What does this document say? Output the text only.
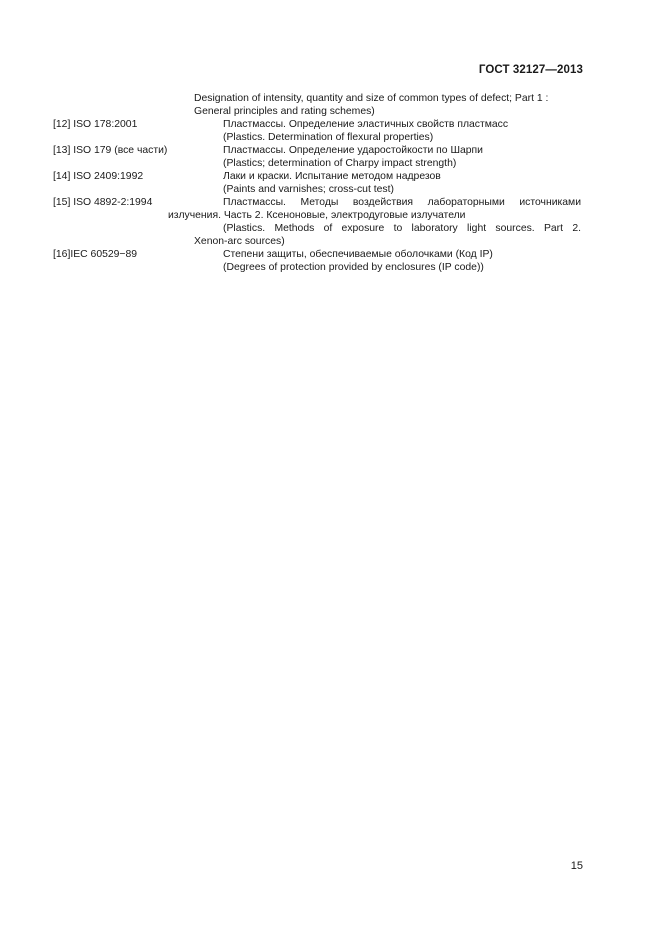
ГОСТ 32127—2013
Designation of intensity, quantity and size of common types of defect; Part 1 :
General principles and rating schemes)
[12] ISO 178:2001	Пластмассы. Определение эластичных свойств пластмасс
(Plastics. Determination of flexural properties)
[13] ISO 179 (все части)	Пластмассы. Определение ударостойкости по Шарпи
(Plastics; determination of Charpy impact strength)
[14] ISO 2409:1992	Лаки и краски. Испытание методом надрезов
(Paints and varnishes; cross-cut test)
[15] ISO 4892-2:1994	Пластмассы. Методы воздействия лабораторными источниками
излучения. Часть 2. Ксеноновые, электродуговые излучатели
(Plastics. Methods of exposure to laboratory light sources. Part 2.
Xenon-arc sources)
[16]IEC 60529−89	Степени защиты, обеспечиваемые оболочками (Код IP)
(Degrees of protection provided by enclosures (IP code))
15
